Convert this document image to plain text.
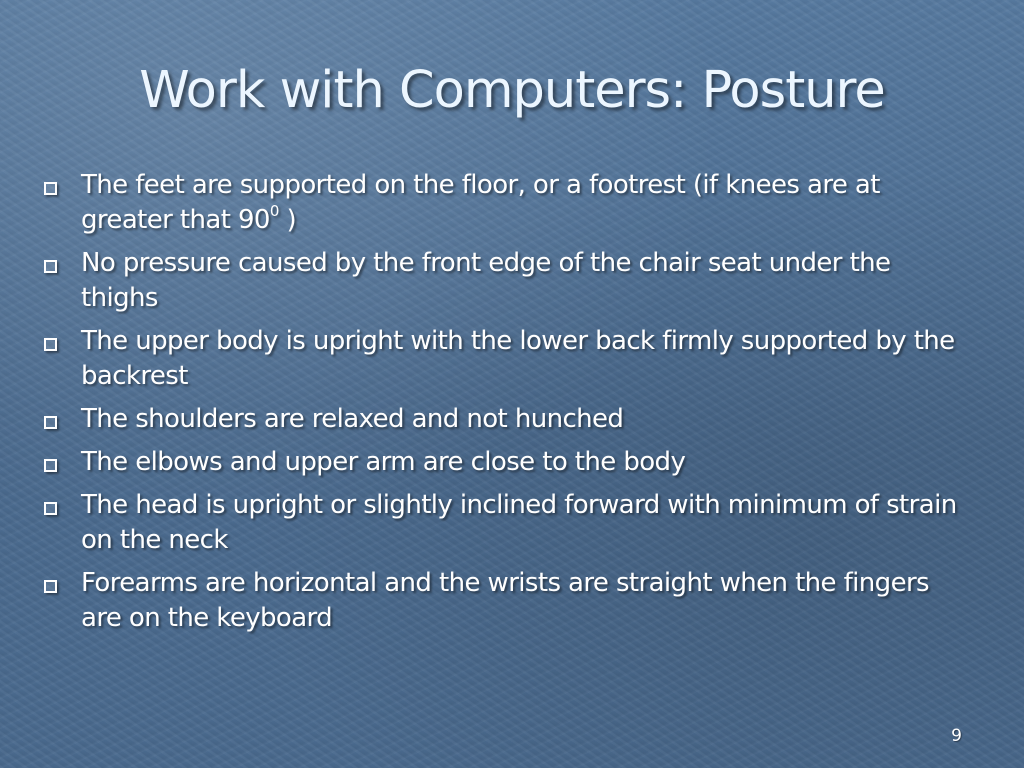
Work with Computers: Posture
The feet are supported on the floor, or a footrest (if knees are at greater that $90^0$ )
No pressure caused by the front edge of the chair seat under the thighs
The upper body is upright with the lower back firmly supported by the backrest
The shoulders are relaxed and not hunched
The elbows and upper arm are close to the body
The head is upright or slightly inclined forward with minimum of strain on the neck
Forearms are horizontal and the wrists are straight when the fingers are on the keyboard
9
